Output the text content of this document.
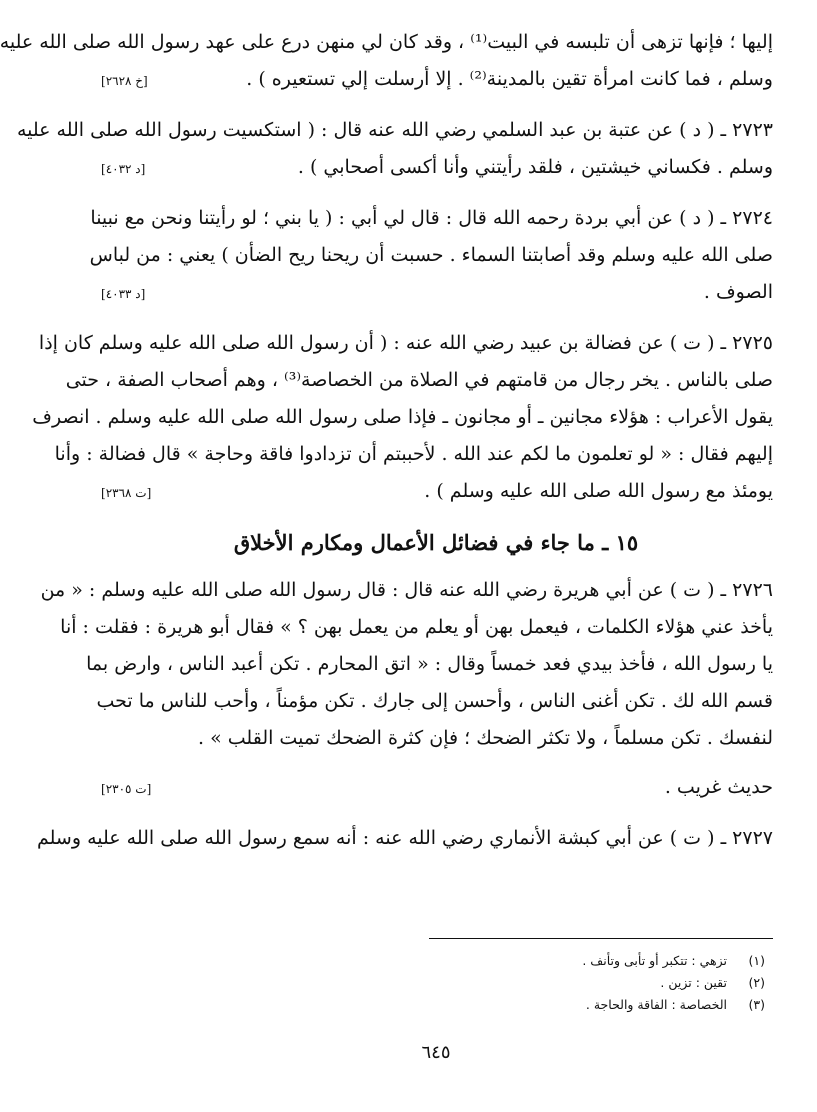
إليها ؛ فإنها تزهى أن تلبسه في البيت⁽¹⁾ ، وقد كان لي منهن درع على عهد رسول الله صلى الله عليه
وسلم ، فما كانت امرأة تقين بالمدينة⁽²⁾ . إلا أرسلت إلي تستعيره ) .
[خ ٢٦٢٨]
٢٧٢٣ ـ ( د ) عن عتبة بن عبد السلمي رضي الله عنه قال : ( استكسيت رسول الله صلى الله عليه
وسلم . فكساني خيشتين ، فلقد رأيتني وأنا أكسى أصحابي ) .
[د ٤٠٣٢]
٢٧٢٤ ـ ( د ) عن أبي بردة رحمه الله قال : قال لي أبي : ( يا بني ؛ لو رأيتنا ونحن مع نبينا
صلى الله عليه وسلم وقد أصابتنا السماء . حسبت أن ريحنا ريح الضأن ) يعني : من لباس
الصوف .
[د ٤٠٣٣]
٢٧٢٥ ـ ( ت ) عن فضالة بن عبيد رضي الله عنه : ( أن رسول الله صلى الله عليه وسلم كان إذا
صلى بالناس . يخر رجال من قامتهم في الصلاة من الخصاصة⁽³⁾ ، وهم أصحاب الصفة ، حتى
يقول الأعراب : هؤلاء مجانين ـ أو مجانون ـ فإذا صلى رسول الله صلى الله عليه وسلم . انصرف
إليهم فقال : « لو تعلمون ما لكم عند الله . لأحببتم أن تزدادوا فاقة وحاجة » قال فضالة : وأنا
يومئذ مع رسول الله صلى الله عليه وسلم ) .
[ت ٢٣٦٨]
١٥ ـ ما جاء في فضائل الأعمال ومكارم الأخلاق
٢٧٢٦ ـ ( ت ) عن أبي هريرة رضي الله عنه قال : قال رسول الله صلى الله عليه وسلم : « من
يأخذ عني هؤلاء الكلمات ، فيعمل بهن أو يعلم من يعمل بهن ؟ » فقال أبو هريرة : فقلت : أنا
يا رسول الله ، فأخذ بيدي فعد خمساً وقال : « اتق المحارم . تكن أعبد الناس ، وارض بما
قسم الله لك . تكن أغنى الناس ، وأحسن إلى جارك . تكن مؤمناً ، وأحب للناس ما تحب
لنفسك . تكن مسلماً ، ولا تكثر الضحك ؛ فإن كثرة الضحك تميت القلب » .
حديث غريب .
[ت ٢٣٠٥]
٢٧٢٧ ـ ( ت ) عن أبي كبشة الأنماري رضي الله عنه : أنه سمع رسول الله صلى الله عليه وسلم
(١)
تزهي : تتكبر أو تأبى وتأنف .
(٢)
تقين : تزين .
(٣)
الخصاصة : الفاقة والحاجة .
٦٤٥
